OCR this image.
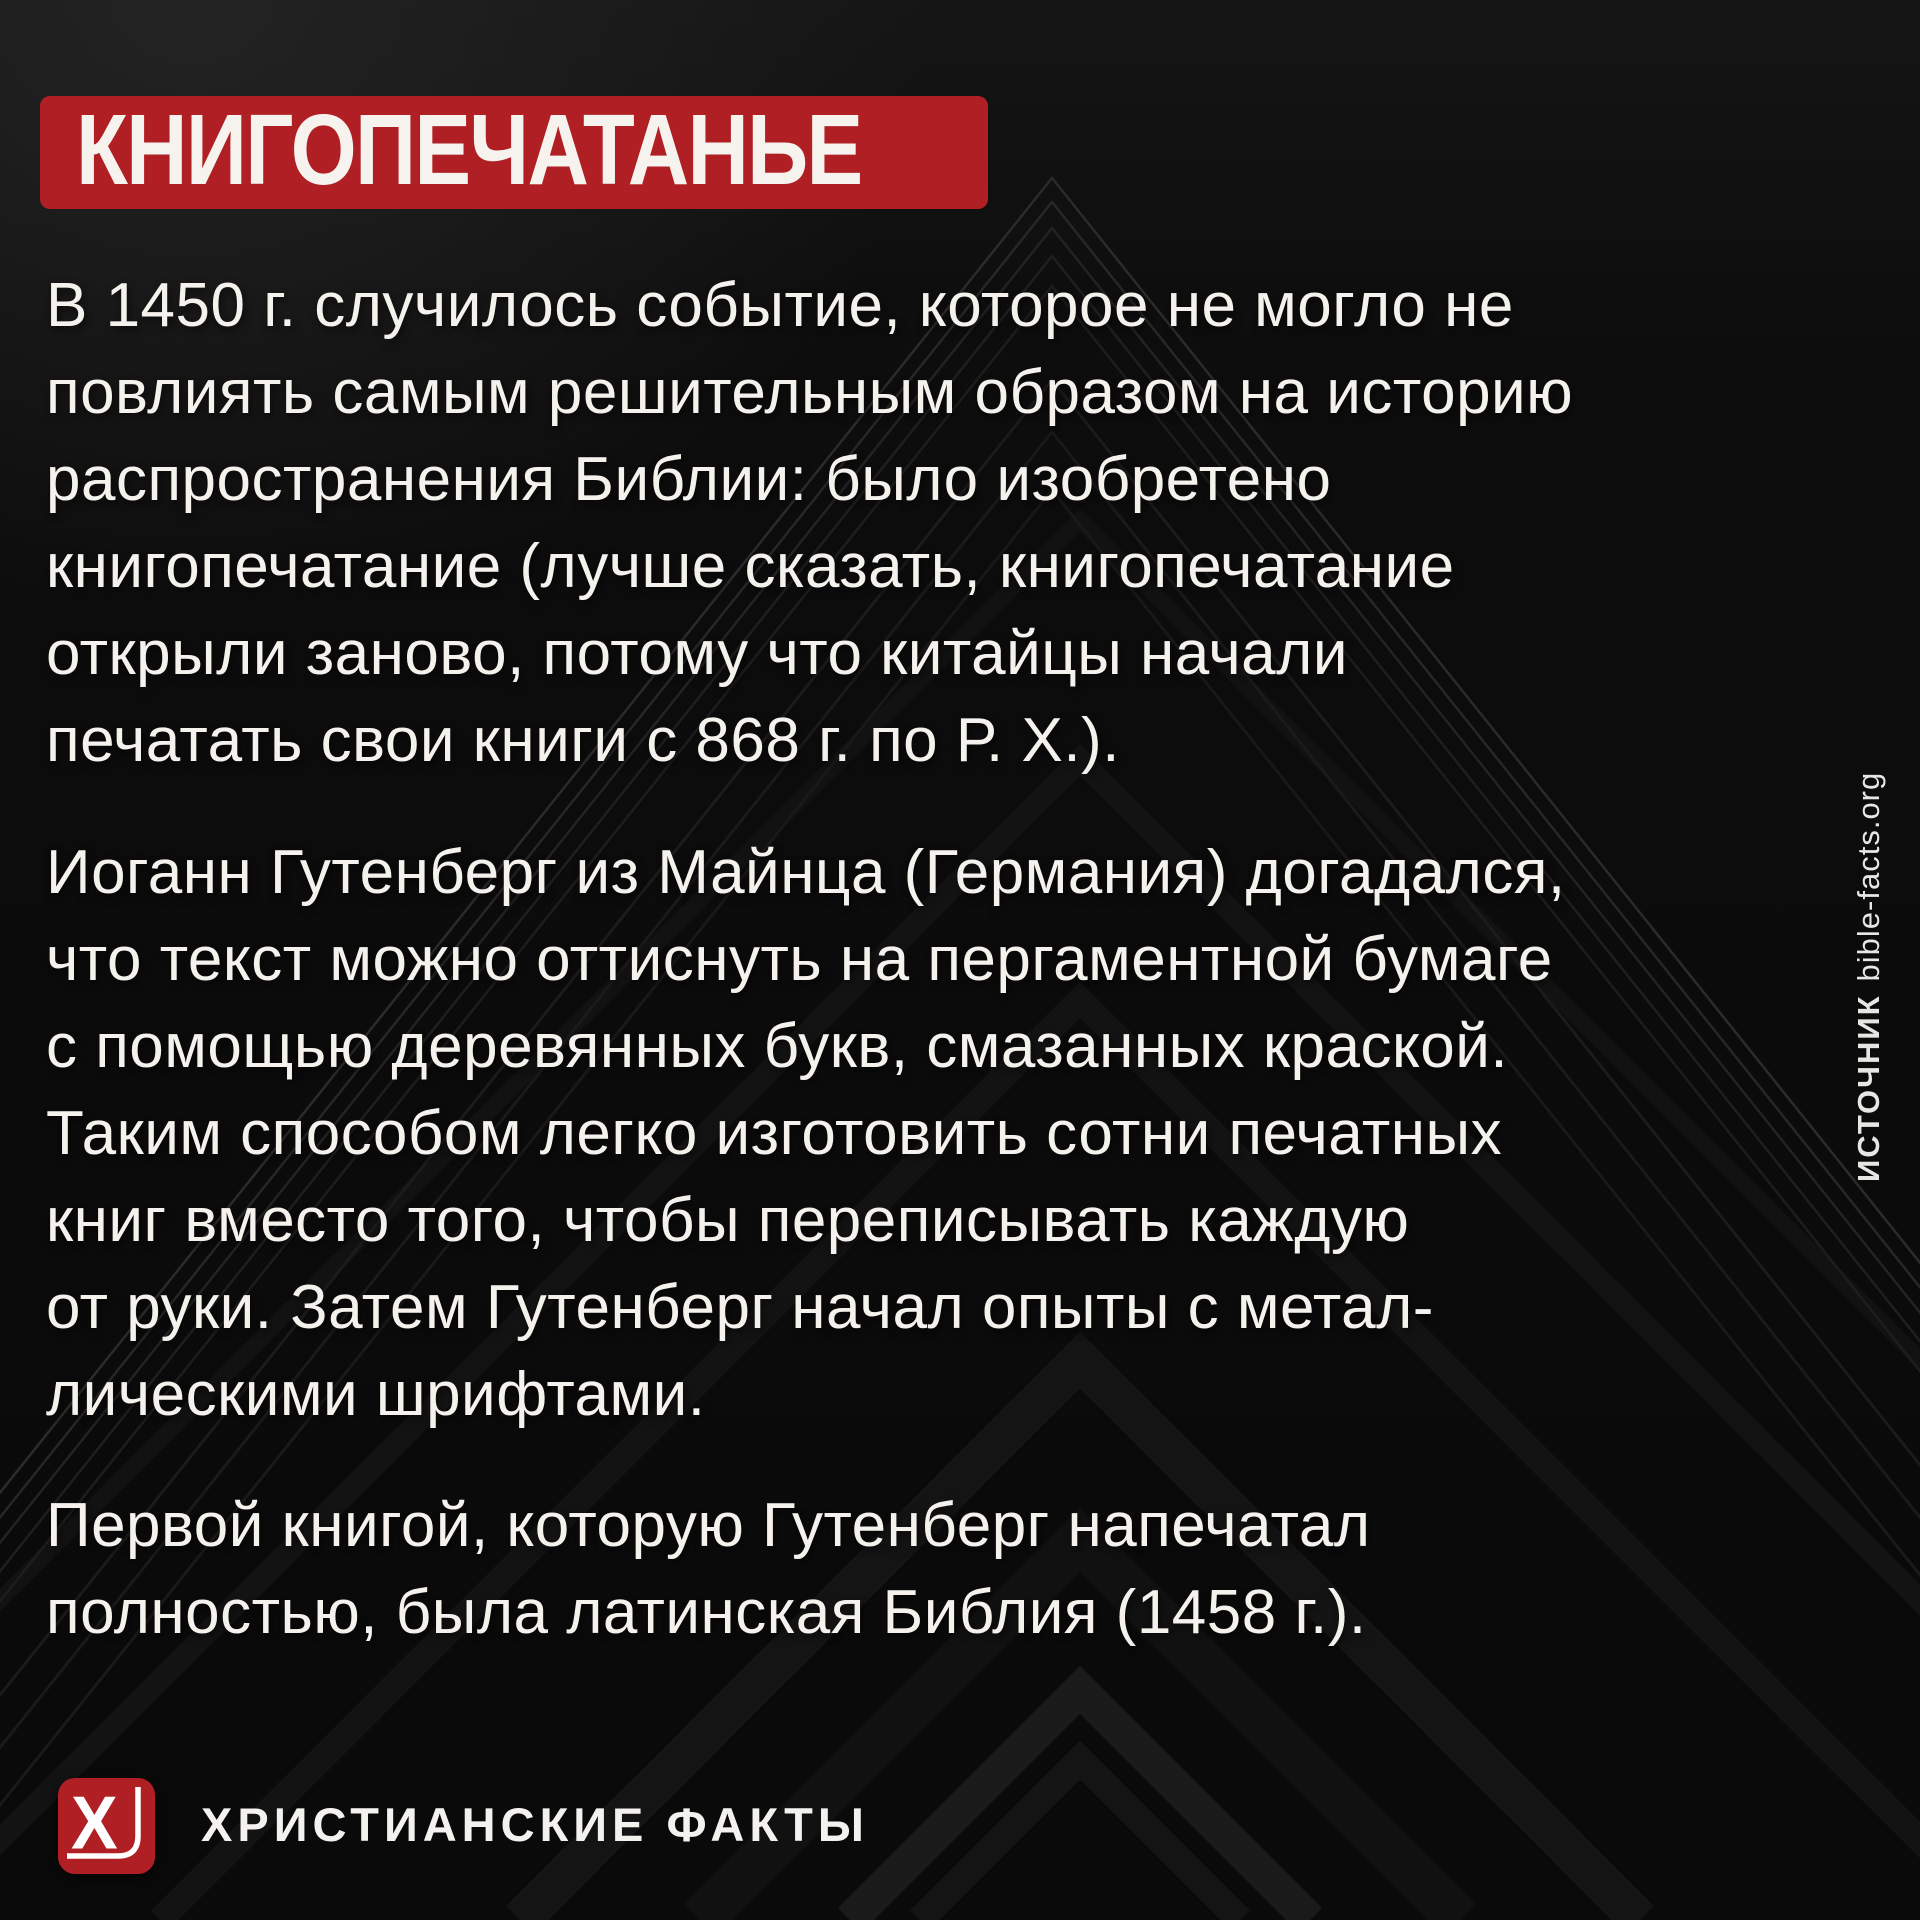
КНИГОПЕЧАТАНЬЕ
В 1450 г. случилось событие, которое не могло не
повлиять самым решительным образом на историю
распространения Библии: было изобретено
книгопечатание (лучше сказать, книгопечатание
открыли заново, потому что китайцы начали
печатать свои книги с 868 г. по Р. Х.).
Иоганн Гутенберг из Майнца (Германия) догадался,
что текст можно оттиснуть на пергаментной бумаге
с помощью деревянных букв, смазанных краской.
Таким способом легко изготовить сотни печатных
книг вместо того, чтобы переписывать каждую
от руки. Затем Гутенберг начал опыты с метал-
лическими шрифтами.
Первой книгой, которую Гутенберг напечатал
полностью, была латинская Библия (1458 г.).
ИСТОЧНИКbible-facts.org
Х ХРИСТИАНСКИЕ ФАКТЫ
